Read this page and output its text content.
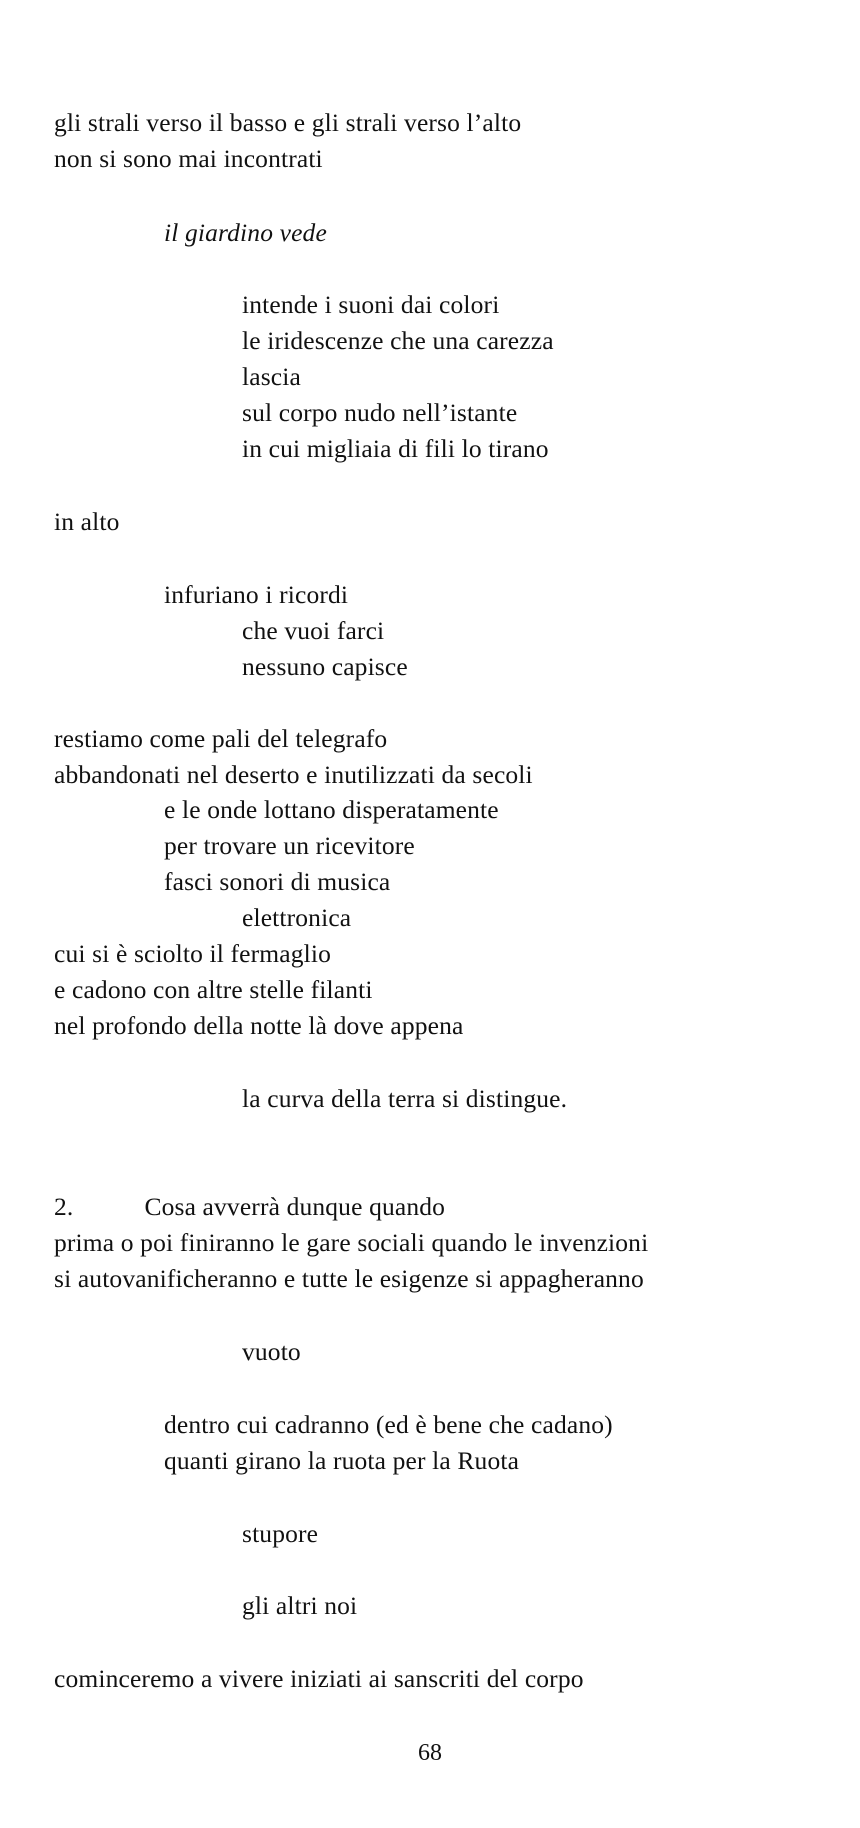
gli strali verso il basso e gli strali verso l’alto
non si sono mai incontrati
il giardino vede
intende i suoni dai colori
le iridescenze che una carezza
lascia
sul corpo nudo nell’istante
in cui migliaia di fili lo tirano
in alto
infuriano i ricordi
che vuoi farci
nessuno capisce
restiamo come pali del telegrafo
abbandonati nel deserto e inutilizzati da secoli
e le onde lottano disperatamente
per trovare un ricevitore
fasci sonori di musica
elettronica
cui si è sciolto il fermaglio
e cadono con altre stelle filanti
nel profondo della notte là dove appena
la curva della terra si distingue.
2.	Cosa avverrà dunque quando
prima o poi finiranno le gare sociali quando le invenzioni
si autovanificheranno e tutte le esigenze si appagheranno
vuoto
dentro cui cadranno (ed è bene che cadano)
quanti girano la ruota per la Ruota
stupore
gli altri noi
cominceremo a vivere iniziati ai sanscriti del corpo
68
